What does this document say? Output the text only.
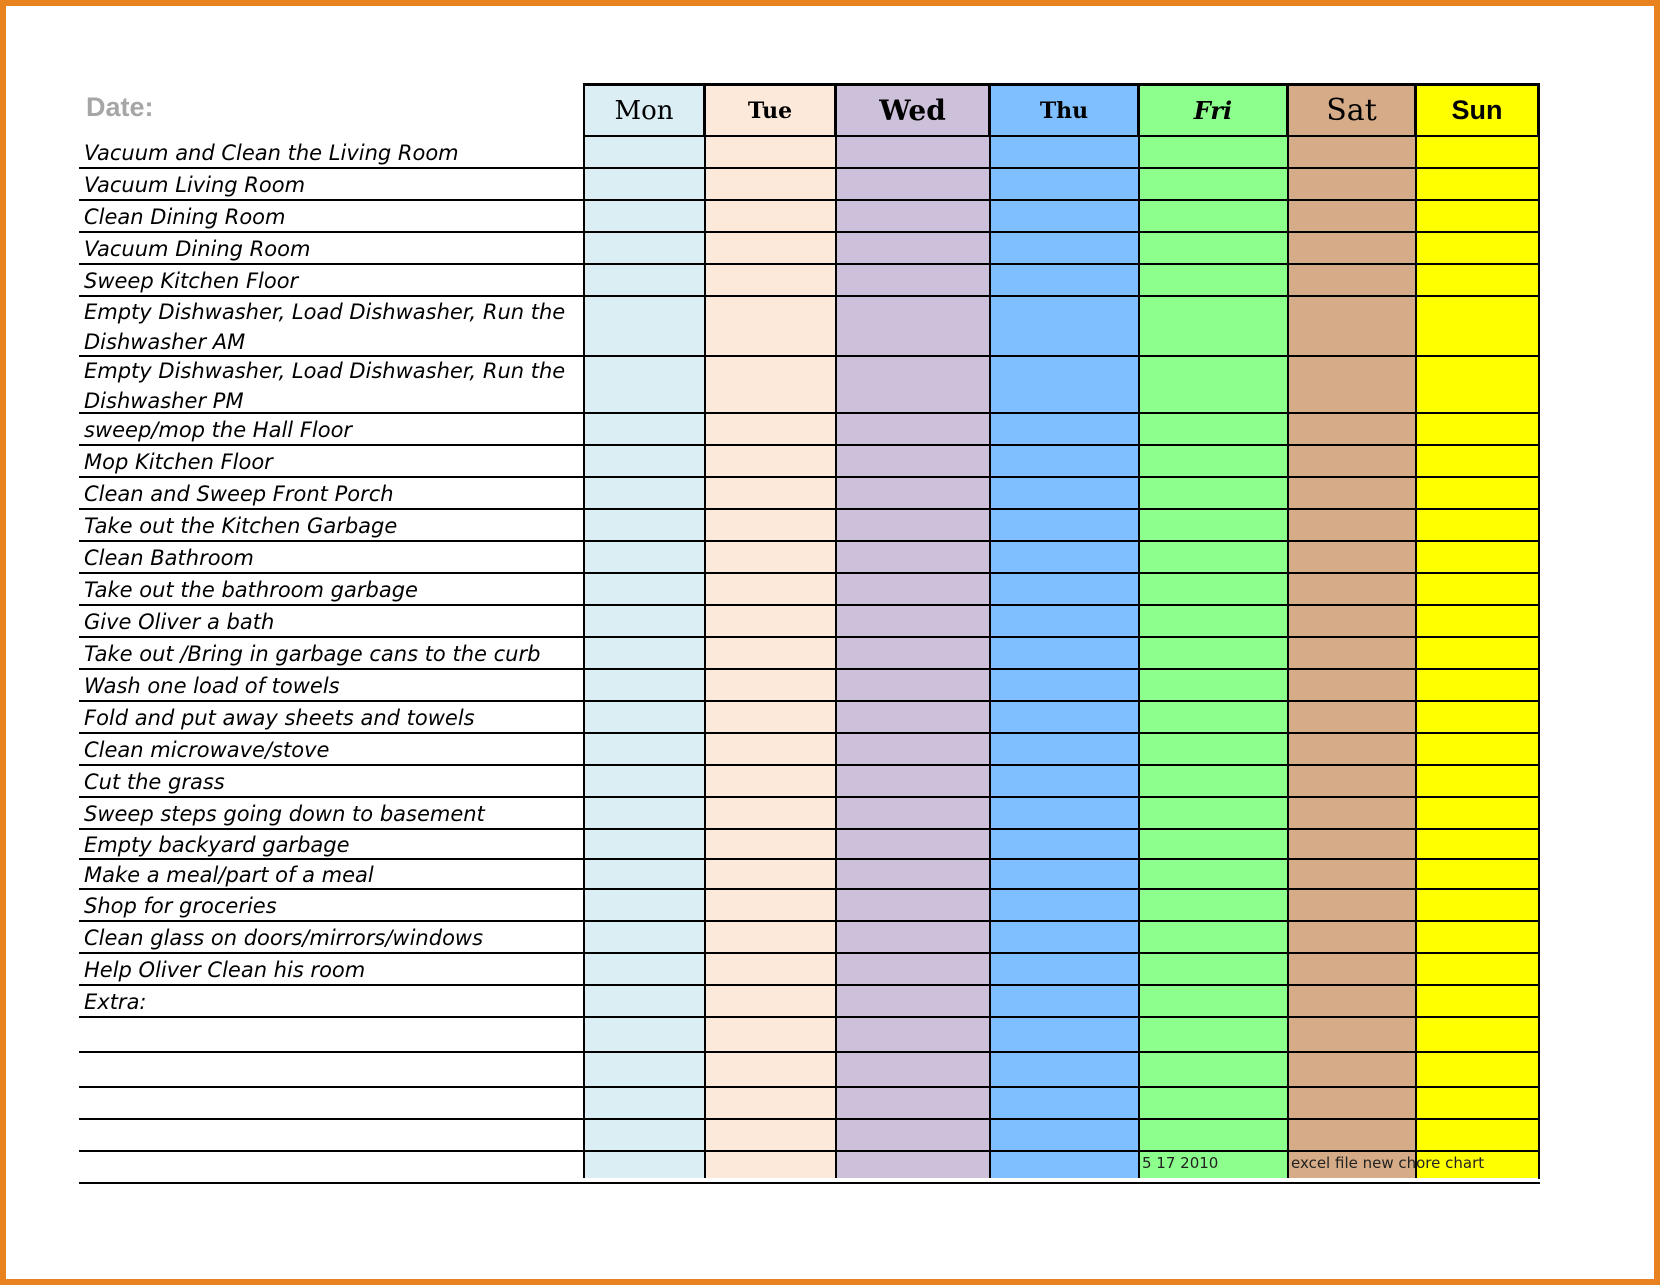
Date:	Mon	Tue	Wed	Thu	Fri	Sat	Sun
Vacuum and Clean the Living Room
Vacuum Living Room
Clean Dining Room
Vacuum Dining Room
Sweep Kitchen Floor
Empty Dishwasher, Load Dishwasher, Run the Dishwasher AM
Empty Dishwasher, Load Dishwasher, Run the Dishwasher PM
sweep/mop the Hall Floor
Mop Kitchen Floor
Clean and Sweep Front Porch
Take out the Kitchen Garbage
Clean Bathroom
Take out the bathroom garbage
Give Oliver a bath
Take out /Bring in garbage cans to the curb
Wash one load of towels
Fold and put away sheets and towels
Clean microwave/stove
Cut the grass
Sweep steps going down to basement
Empty backyard garbage
Make a meal/part of a meal
Shop for groceries
Clean glass on doors/mirrors/windows
Help Oliver Clean his room
Extra:
5 17 2010	excel file new chore chart
